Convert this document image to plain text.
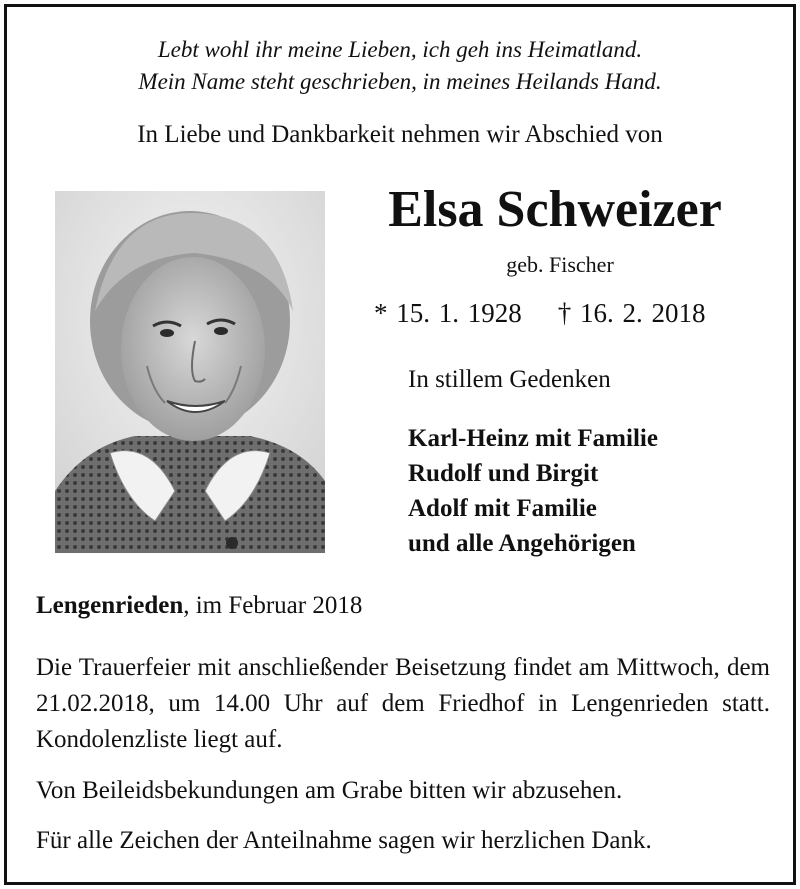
Lebt wohl ihr meine Lieben, ich geh ins Heimatland.
Mein Name steht geschrieben, in meines Heilands Hand.
In Liebe und Dankbarkeit nehmen wir Abschied von
Elsa Schweizer
geb. Fischer
* 15. 1. 1928 † 16. 2. 2018
In stillem Gedenken
Karl-Heinz mit Familie
Rudolf und Birgit
Adolf mit Familie
und alle Angehörigen
Lengenrieden, im Februar 2018
Die Trauerfeier mit anschließender Beisetzung findet am Mittwoch, dem 21.02.2018, um 14.00 Uhr auf dem Friedhof in Lengenrieden statt. Kondolenzliste liegt auf.
Von Beileidsbekundungen am Grabe bitten wir abzusehen.
Für alle Zeichen der Anteilnahme sagen wir herzlichen Dank.
